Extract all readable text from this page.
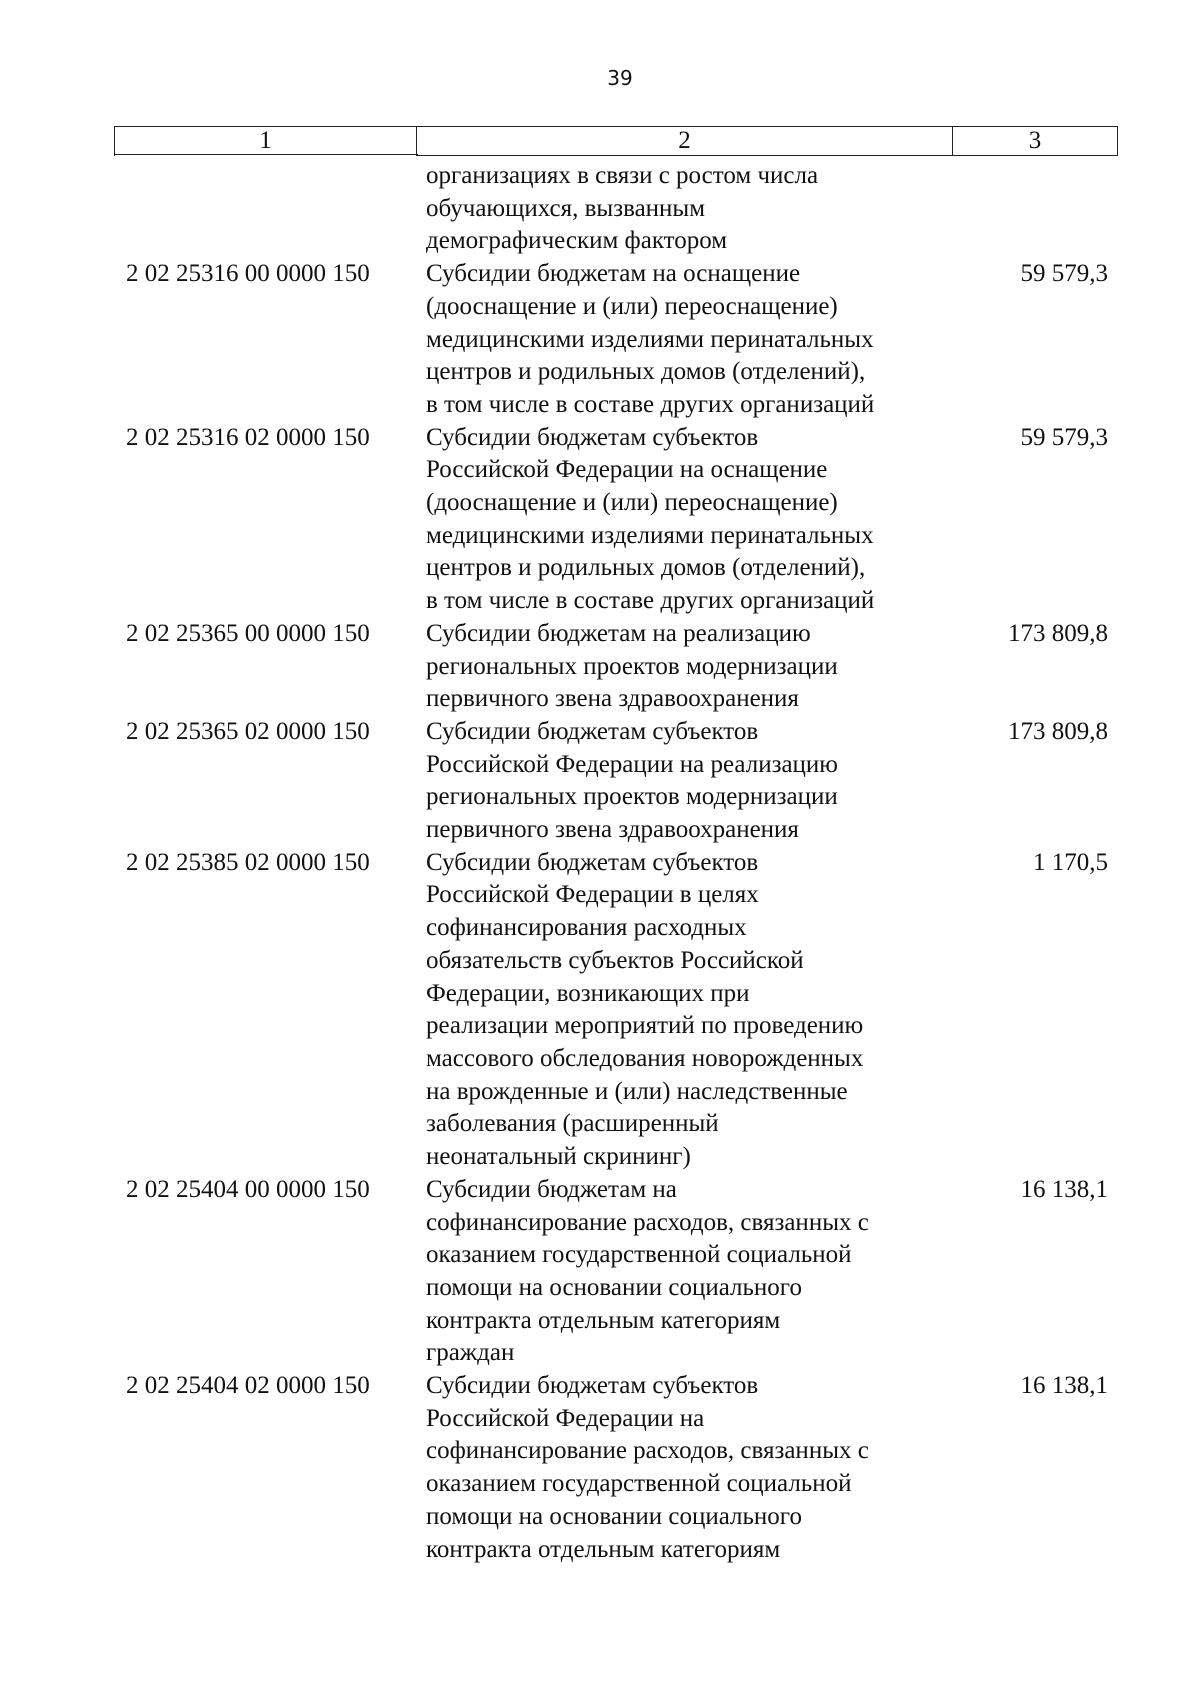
39
1	2	3
организациях в связи с ростом числа
обучающихся, вызванным
демографическим фактором
2 02 25316 00 0000 150	Субсидии бюджетам на оснащение
(дооснащение и (или) переоснащение)
медицинскими изделиями перинатальных
центров и родильных домов (отделений),
в том числе в составе других организаций
59 579,3
2 02 25316 02 0000 150	Субсидии бюджетам субъектов
Российской Федерации на оснащение
(дооснащение и (или) переоснащение)
медицинскими изделиями перинатальных
центров и родильных домов (отделений),
в том числе в составе других организаций
59 579,3
2 02 25365 00 0000 150	Субсидии бюджетам на реализацию
региональных проектов модернизации
первичного звена здравоохранения
173 809,8
2 02 25365 02 0000 150	Субсидии бюджетам субъектов
Российской Федерации на реализацию
региональных проектов модернизации
первичного звена здравоохранения
173 809,8
2 02 25385 02 0000 150	Субсидии бюджетам субъектов
Российской Федерации в целях
софинансирования расходных
обязательств субъектов Российской
Федерации, возникающих при
реализации мероприятий по проведению
массового обследования новорожденных
на врожденные и (или) наследственные
заболевания (расширенный
неонатальный скрининг)
1 170,5
2 02 25404 00 0000 150	Субсидии бюджетам на
софинансирование расходов, связанных с
оказанием государственной социальной
помощи на основании социального
контракта отдельным категориям
граждан
16 138,1
2 02 25404 02 0000 150	Субсидии бюджетам субъектов
Российской Федерации на
софинансирование расходов, связанных с
оказанием государственной социальной
помощи на основании социального
контракта отдельным категориям
16 138,1
